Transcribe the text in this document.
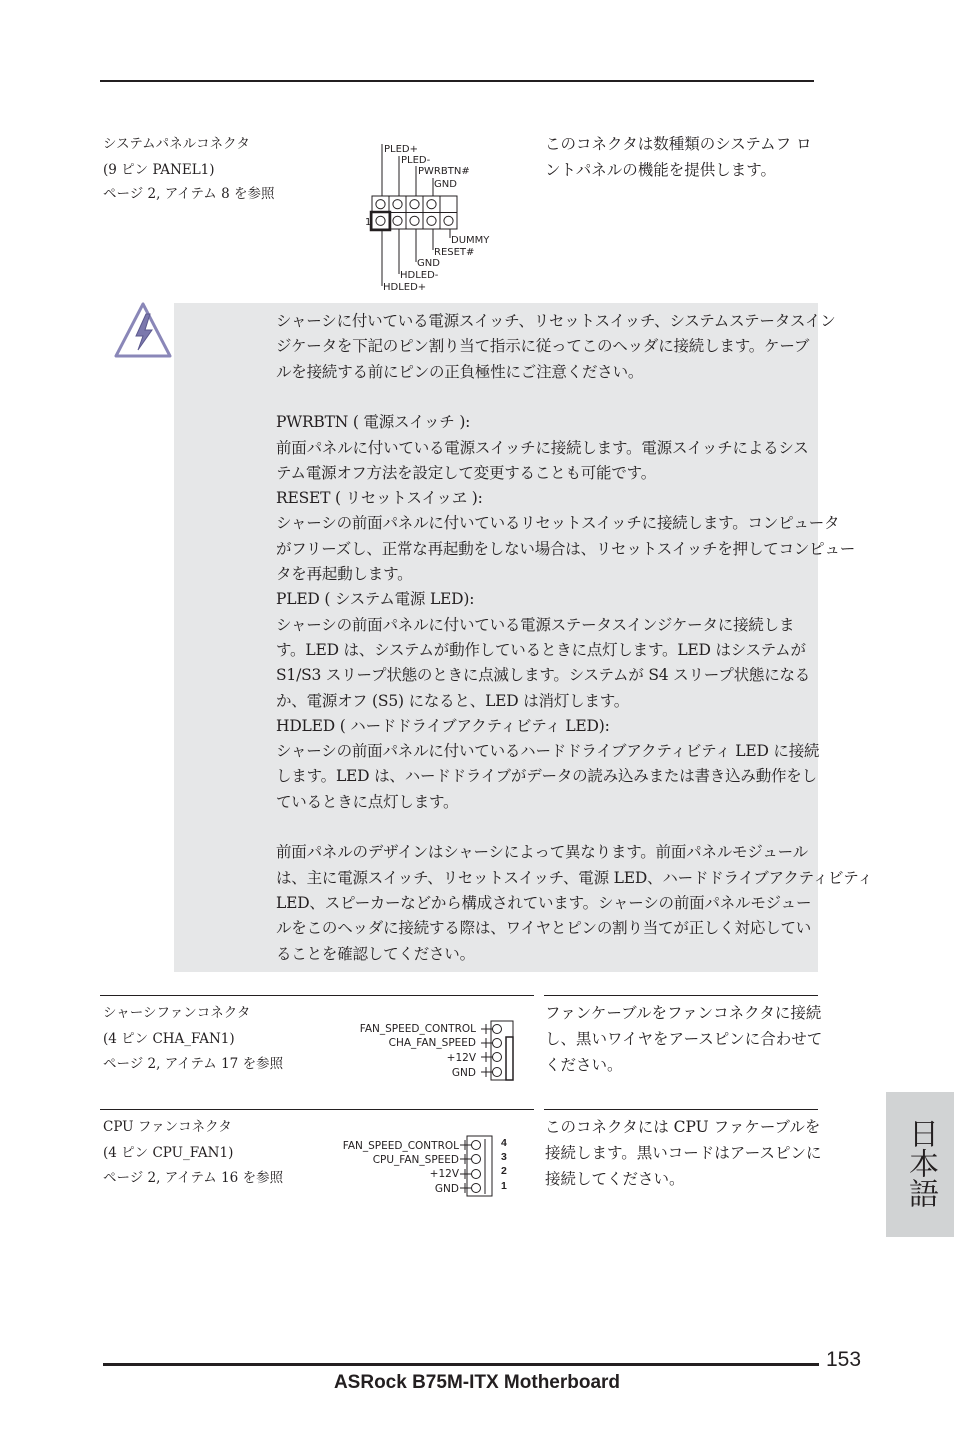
システムパネルコネクタ
(9 ピン PANEL1)
ページ 2, アイテム 8 を参照
このコネクタは数種類のシステムフ ロ
ントパネルの機能を提供します。
PLED+
PLED-
PWRBTN#
GND
1
DUMMY
RESET#
GND
HDLED-
HDLED+
シャーシに付いている電源スイッチ、リセットスイッチ、システムステータスイン
ジケータを下記のピン割り当て指示に従ってこのヘッダに接続します。ケーブ
ルを接続する前にピンの正負極性にご注意ください。
PWRBTN ( 電源スイッチ ):
前面パネルに付いている電源スイッチに接続します。電源スイッチによるシス
テム電源オフ方法を設定して変更することも可能です。
RESET ( リセットスイッヱ ):
シャーシの前面パネルに付いているリセットスイッチに接続します。コンピュータ
がフリーズし、正常な再起動をしない場合は、リセットスイッチを押してコンピュー
タを再起動します。
PLED ( システム電源 LED):
シャーシの前面パネルに付いている電源ステータスインジケータに接続しま
す。LED は、システムが動作しているときに点灯します。LED はシステムが
S1/S3 スリープ状態のときに点滅します。システムが S4 スリープ状態になる
か、電源オフ (S5) になると、LED は消灯します。
HDLED ( ハードドライブアクティビティ LED):
シャーシの前面パネルに付いているハードドライブアクティビティ LED に接続
します。LED は、ハードドライブがデータの読み込みまたは書き込み動作をし
ているときに点灯します。
前面パネルのデザインはシャーシによって異なります。前面パネルモジュール
は、主に電源スイッチ、リセットスイッチ、電源 LED、ハードドライブアクティビティ
LED、スピーカーなどから構成されています。シャーシの前面パネルモジュー
ルをこのヘッダに接続する際は、ワイヤとピンの割り当てが正しく対応してい
ることを確認してください。
シャーシファンコネクタ
(4 ピン CHA_FAN1)
ページ 2, アイテム 17 を参照
ファンケーブルをファンコネクタに接続
し、黒いワイヤをアースピンに合わせて
ください。
FAN_SPEED_CONTROL
CHA_FAN_SPEED
+12V
GND
CPU ファンコネクタ
(4 ピン CPU_FAN1)
ページ 2, アイテム 16 を参照
このコネクタには CPU ファケーブルを
接続します。黒いコードはアースピンに
接続してください。
FAN_SPEED_CONTROL
CPU_FAN_SPEED
+12V
GND
4
3
2
1	日本語
153
ASRock B75M-ITX Motherboard
